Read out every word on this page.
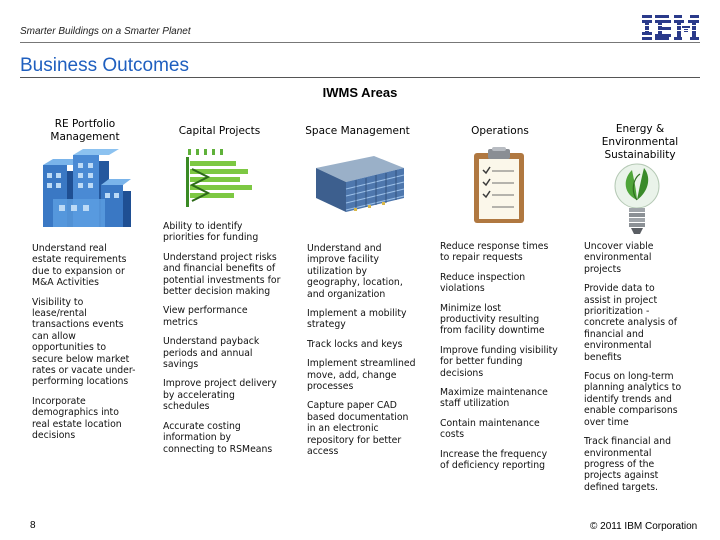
Smarter Buildings on a Smarter Planet
Business Outcomes
IWMS Areas
RE Portfolio Management	Capital Projects	Space Management	Operations	Energy & Environmental Sustainability
Understand real estate requirements due to expansion or M&A Activities
Visibility to lease/rental transactions events can allow opportunities to secure below market rates or vacate under-performing locations
Incorporate demographics into real estate location decisions
Ability to identify priorities for funding
Understand project risks and financial benefits of potential investments for better decision making
View performance metrics
Understand payback periods and annual savings
Improve project delivery by accelerating schedules
Accurate costing information by connecting to RSMeans
Understand and improve facility utilization by geography, location, and organization
Implement a mobility strategy
Track locks and keys
Implement streamlined move, add, change processes
Capture paper CAD based documentation in an electronic repository for better access
Reduce response times to repair requests
Reduce inspection violations
Minimize lost productivity resulting from facility downtime
Improve funding visibility for better funding decisions
Maximize maintenance staff utilization
Contain maintenance costs
Increase the frequency of deficiency reporting
Uncover viable environmental projects
Provide data to assist in project prioritization - concrete analysis of financial and environmental benefits
Focus on long-term planning analytics to identify trends and enable comparisons over time
Track financial and environmental progress of the projects against defined targets.
8	© 2011 IBM Corporation
